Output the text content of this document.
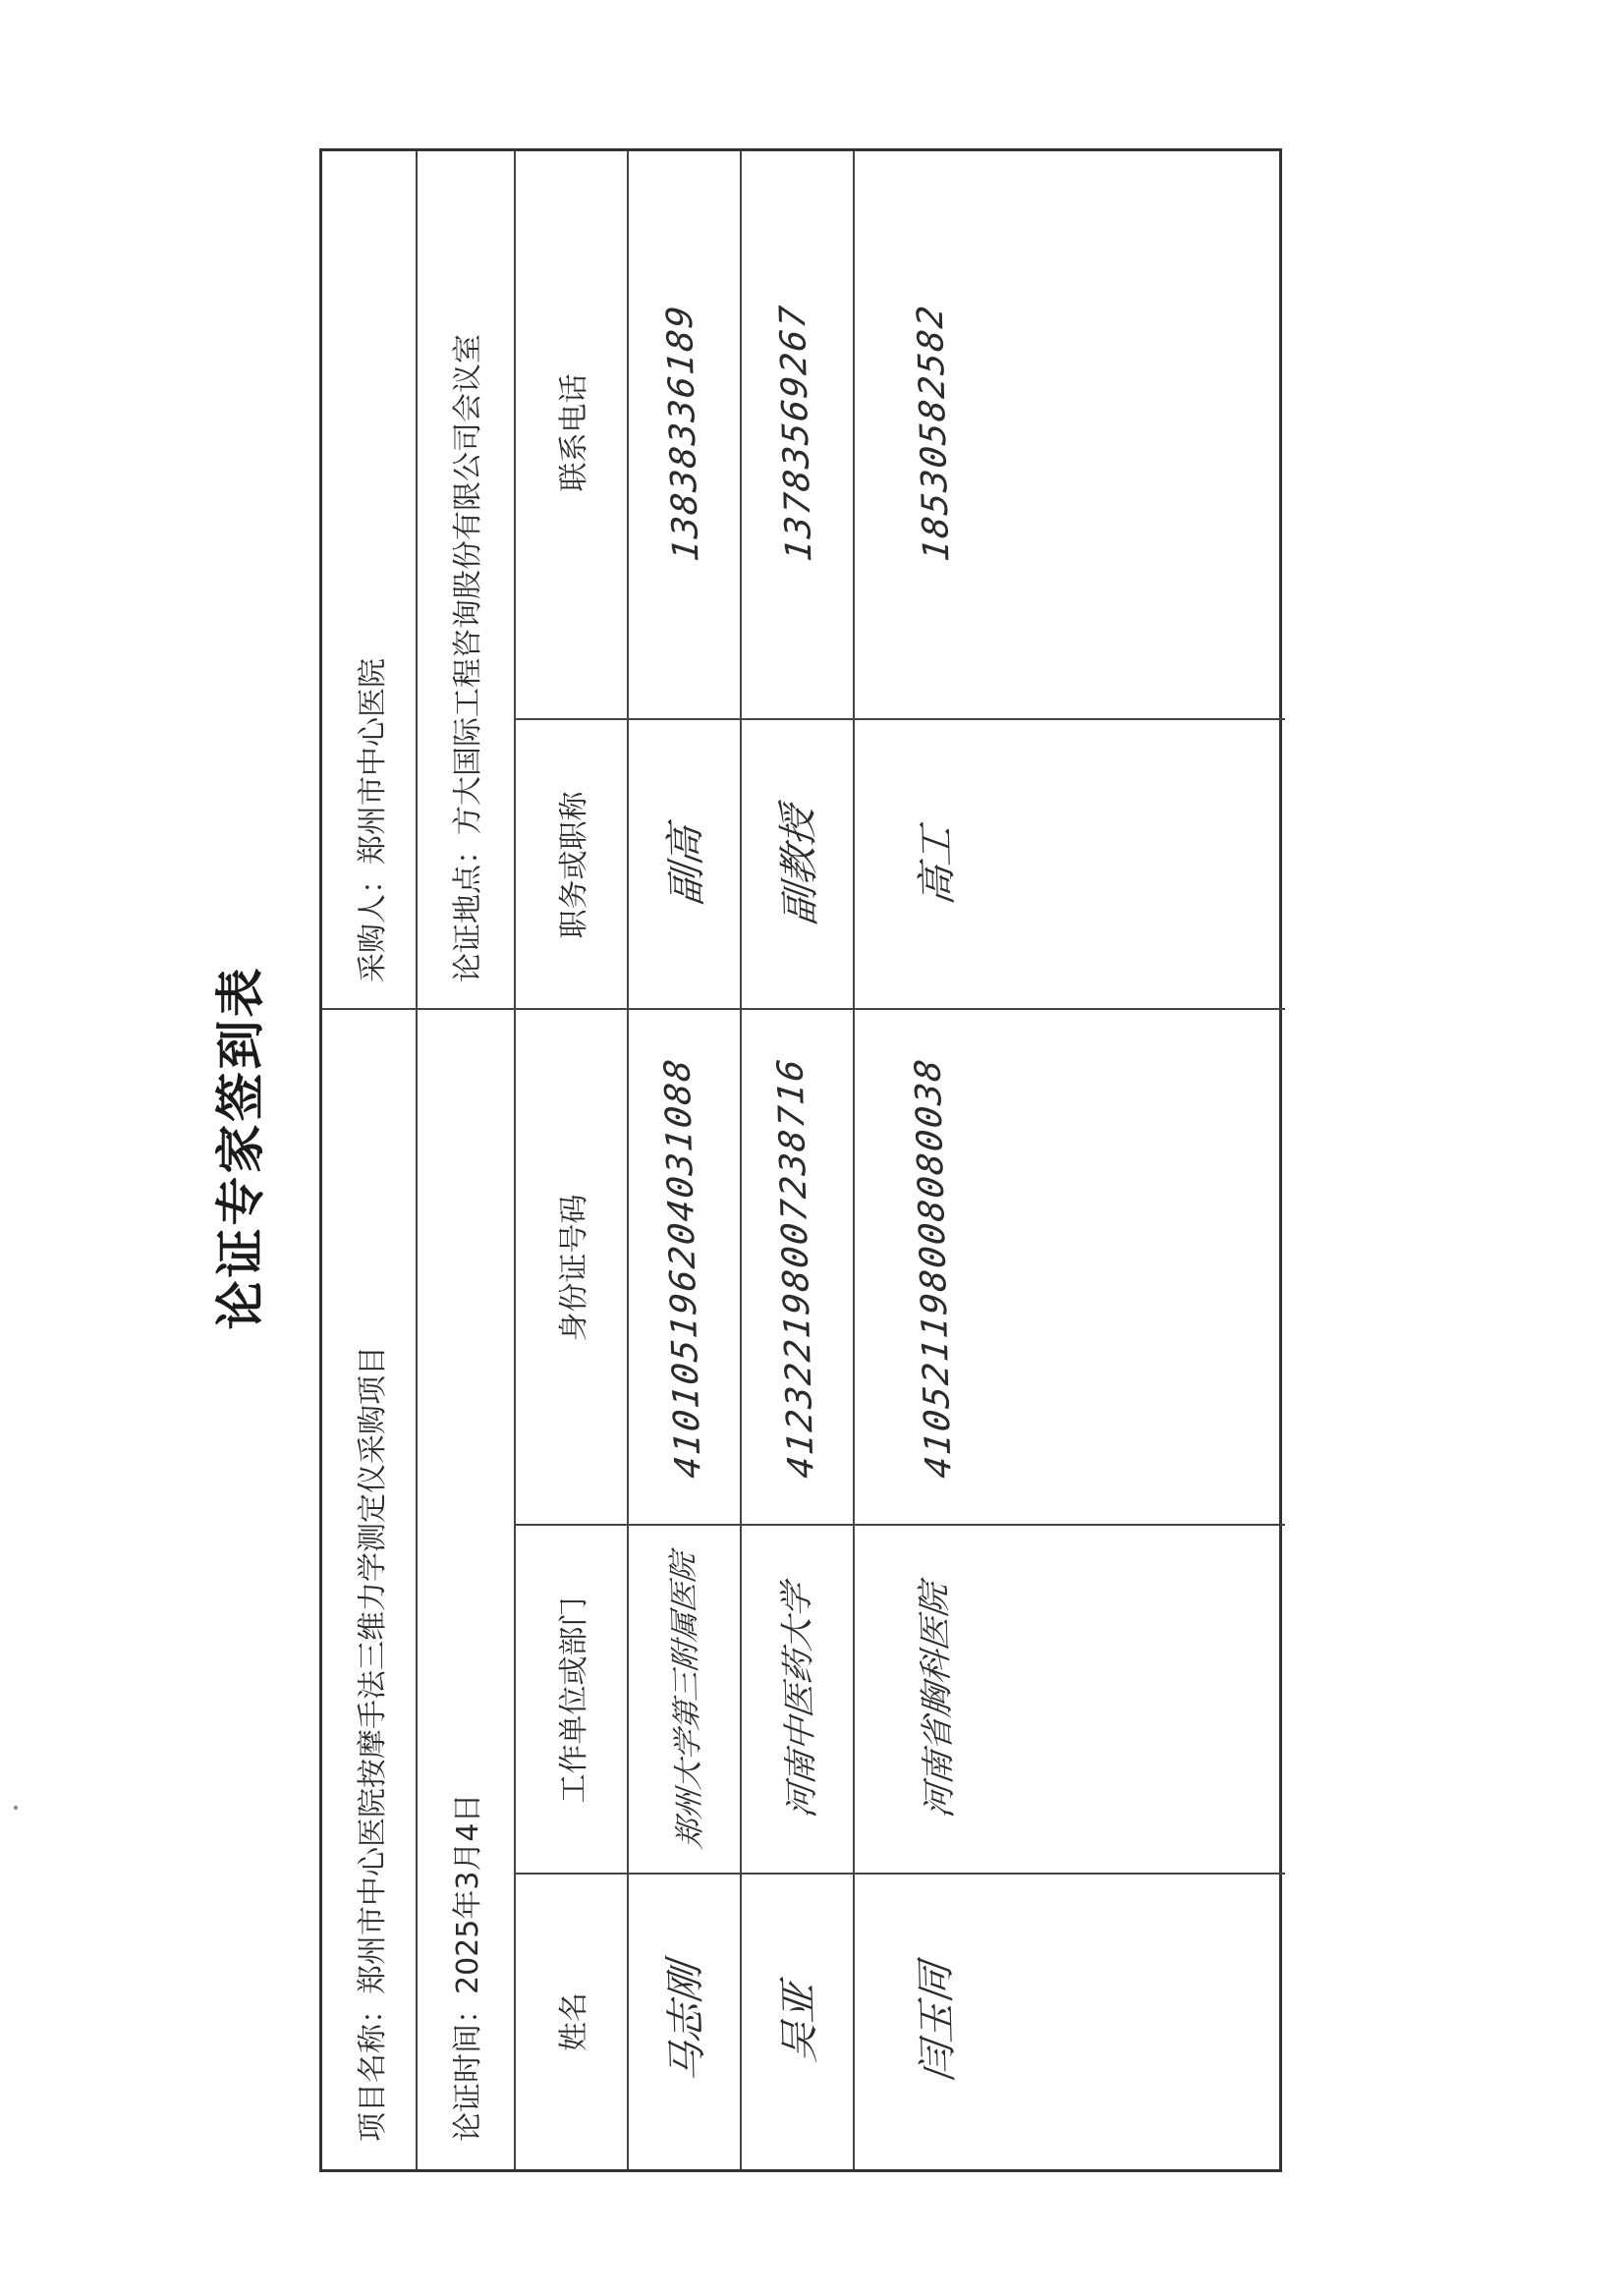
论证专家签到表
项目名称：
郑州市中心医院按摩手法三维力学测定仪采购项目
采购人：
郑州市中心医院
论证时间：
2025年3月4日
论证地点：
方大国际工程咨询股份有限公司会议室
姓名
工作单位或部门
身份证号码
职务或职称
联系电话
马志刚
郑州大学第三附属医院
410105196204031088
副高
13838336189
吴亚
河南中医药大学
412322198007238716
副教授
13783569267
闫玉同
河南省胸科医院
410521198008080038
高工
18530582582
